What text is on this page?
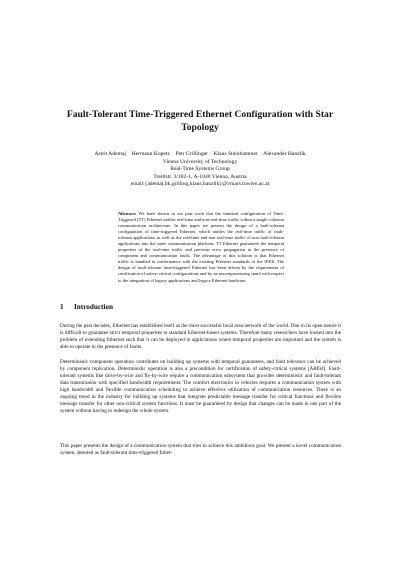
Fault-Tolerant Time-Triggered Ethernet Configuration with Star Topology
Astrit Ademaj    Hermann Kopetz    Petr Grillinger    Klaus Steinhammer    Alexander Hanzlik
Vienna University of Technology
Real-Time Systems Group
Treitlstr. 3/182-1, A-1040 Vienna, Austria
email:{ademaj,hk,grilling,klaus,hanzlik}@vmars.tuwien.ac.at
Abstract: We have shown in our past work that the standard configuration of Time-Triggered (TT) Ethernet unifies real-time and non-real-time traffic within a single coherent communication architecture. In this paper we present the design of a fault-tolerant configuration of time-triggered Ethernet, which unifies the real-time traffic of fault-tolerant applications as well as the real-time and non real-time traffic of non fault-tolerant applications into the same communication platform. TT Ethernet guarantees the temporal properties of the real-time traffic and prevents error propagation in the presence of component and communication faults. The advantage of this solution is that Ethernet traffic is handled in conformance with the existing Ethernet standards of the IEEE. The design of fault-tolerant time-triggered Ethernet has been driven by the requirement of certification of safety-critical configurations and by an uncompromising stand with respect to the integration of legacy applications and legacy Ethernet hardware.
1 Introduction

During the past decades, Ethernet has established itself as the most successful local area network of the world. Due to its open nature it is difficult to guarantee strict temporal properties in standard Ethernet-based systems. Therefore many researchers have looked into the problem of extending Ethernet such that it can be deployed in applications where temporal properties are important and the system is able to operate in the presence of faults.

Deterministic component operation contributes on building up systems with temporal guarantees, and fault tolerance can be achieved by component replication. Deterministic operation is also a precondition for certification of safety-critical systems [ARI04]. Fault-tolerant systems like drive-by-wire and fly-by-wire require a communication subsystem that provides deterministic and fault-tolerant data transmission with specified bandwidth requirements. The comfort electronics in vehicles requires a communication system with high bandwidth and flexible communication scheduling to achieve effective utilization of communication resources. There is an ongoing trend in the industry for building up systems that integrate predictable message transfer for critical functions and flexible message transfer for other non-critical system functions. It must be guaranteed by design that changes can be made in one part of the system without having to redesign the whole system.

This paper presents the design of a communication system that tries to achieve this ambitious goal. We present a novel communication system, denoted as fault-tolerant time-triggered Ether-
